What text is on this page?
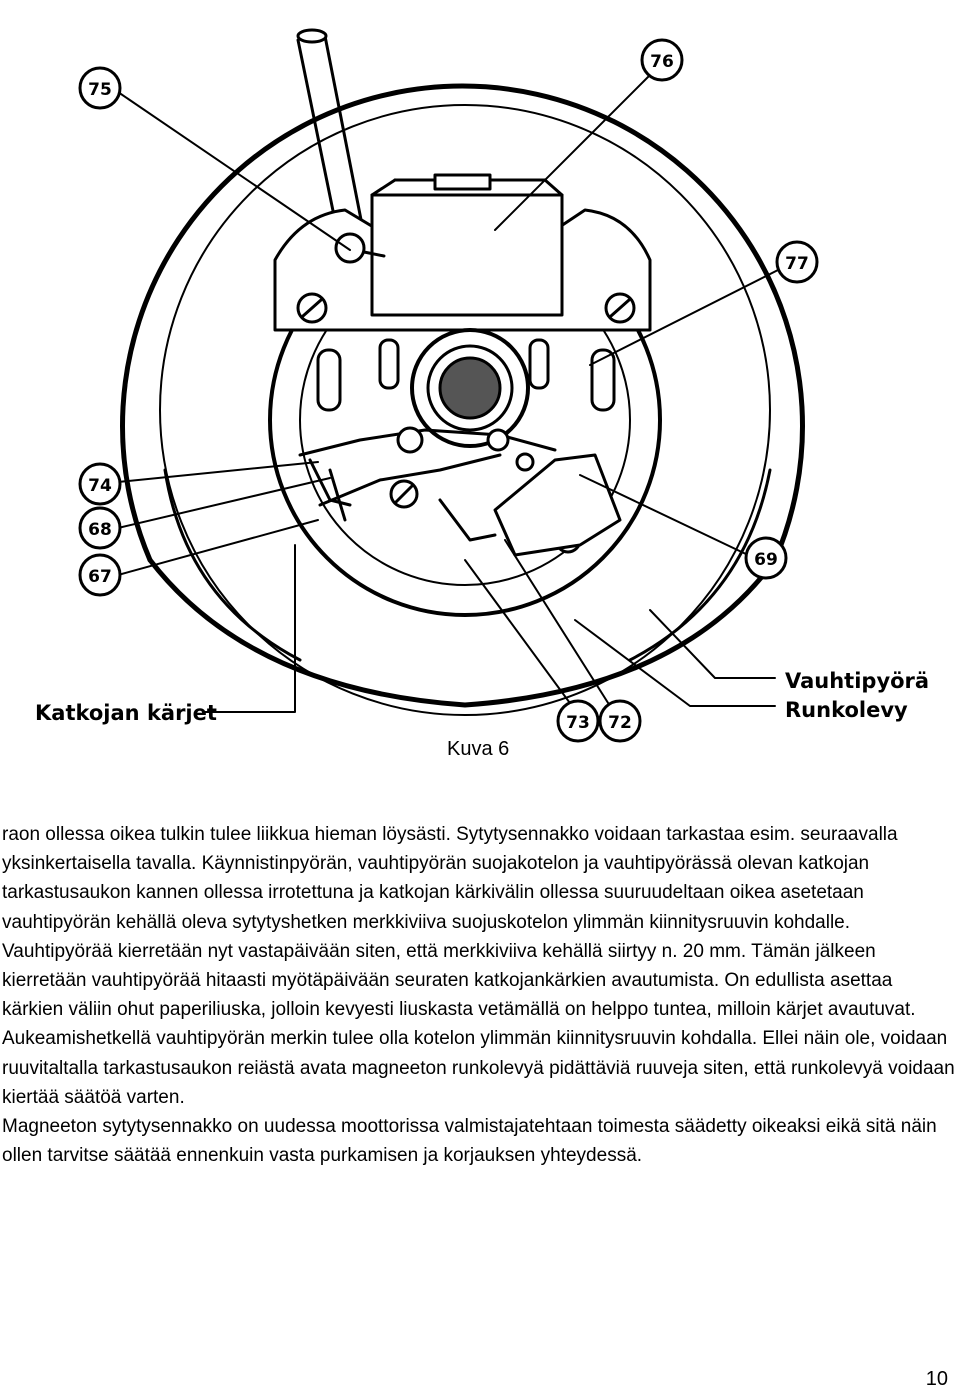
75
76
77
74
68
67
69
73 72
Katkojan kärjet
Vauhtipyörä
Runkolevy
Kuva 6

raon ollessa oikea tulkin tulee liikkua hieman löysästi. Sytytysennakko voidaan tarkastaa esim. seuraavalla yksinkertaisella tavalla. Käynnistinpyörän, vauhtipyörän suojakotelon ja vauhtipyörässä olevan katkojan tarkastusaukon kannen ollessa irrotettuna ja katkojan kärkivälin ollessa suuruudeltaan oikea asetetaan vauhtipyörän kehällä oleva sytytyshetken merkkiviiva suojuskotelon ylimmän kiinnitysruuvin kohdalle. Vauhtipyörää kierretään nyt vastapäivään siten, että merkkiviiva kehällä siirtyy n. 20 mm. Tämän jälkeen kierretään vauhtipyörää hitaasti myötäpäivään seuraten katkojankärkien avautumista. On edullista asettaa kärkien väliin ohut paperiliuska, jolloin kevyesti liuskasta vetämällä on helppo tuntea, milloin kärjet avautuvat. Aukeamishetkellä vauhtipyörän merkin tulee olla kotelon ylimmän kiinnitysruuvin kohdalla. Ellei näin ole, voidaan ruuvitaltalla tarkastusaukon reiästä avata magneeton runkolevyä pidättäviä ruuveja siten, että runkolevyä voidaan kiertää säätöä varten.

Magneeton sytytysennakko on uudessa moottorissa valmistajatehtaan toimesta säädetty oikeaksi eikä sitä näin ollen tarvitse säätää ennenkuin vasta purkamisen ja korjauksen yhteydessä.

10
